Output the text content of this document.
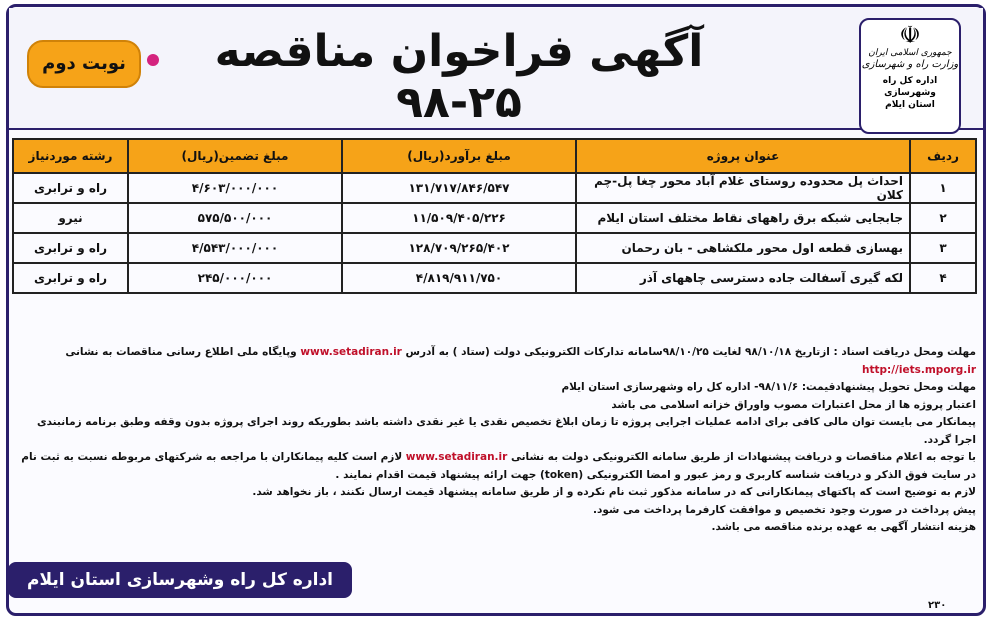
☫
جمهوری اسلامی ایران
وزارت راه و شهرسازی
اداره کل راه وشهرسازی
استان ایلام
آگهی فراخوان مناقصه ۲۵-۹۸
نوبت دوم
ردیف	عنوان پروژه	مبلغ برآورد(ریال)	مبلغ تضمین(ریال)	رشته موردنیاز
۱	احداث پل محدوده روستای غلام آباد محور چغا پل-چم کلان	۱۳۱/۷۱۷/۸۴۶/۵۴۷	۴/۶۰۳/۰۰۰/۰۰۰	راه و ترابری
۲	جابجایی شبکه برق راههای نقاط مختلف استان ایلام	۱۱/۵۰۹/۴۰۵/۲۲۶	۵۷۵/۵۰۰/۰۰۰	نیرو
۳	بهسازی قطعه اول محور ملکشاهی - بان رحمان	۱۲۸/۷۰۹/۲۶۵/۴۰۲	۴/۵۴۳/۰۰۰/۰۰۰	راه و ترابری
۴	لکه گیری آسفالت جاده دسترسی چاههای آذر	۴/۸۱۹/۹۱۱/۷۵۰	۲۴۵/۰۰۰/۰۰۰	راه و ترابری

مهلت ومحل دریافت اسناد : ازتاریخ ۹۸/۱۰/۱۸ لغایت ۹۸/۱۰/۲۵سامانه تدارکات الکترونیکی دولت (ستاد ) به آدرس www.setadiran.ir وپایگاه ملی اطلاع رسانی مناقصات به نشانی http://iets.mporg.ir

مهلت ومحل تحویل پیشنهادقیمت: ۹۸/۱۱/۶- اداره کل راه وشهرسازی استان ایلام

اعتبار پروژه ها از محل اعتبارات مصوب واوراق خزانه اسلامی می باشد

پیمانکار می بایست توان مالی کافی برای ادامه عملیات اجرایی پروژه تا زمان ابلاغ تخصیص نقدی یا غیر نقدی داشته باشد بطوریکه روند اجرای پروژه بدون وقفه وطبق برنامه زمانبندی اجرا گردد.

با توجه به اعلام مناقصات و دریافت پیشنهادات از طریق سامانه الکترونیکی دولت به نشانی www.setadiran.ir لازم است کلیه پیمانکاران با مراجعه به شرکتهای مربوطه نسبت به ثبت نام در سایت فوق الذکر و دریافت شناسه کاربری و رمز عبور و امضا الکترونیکی (token) جهت ارائه پیشنهاد قیمت اقدام نمایند .

لازم به توضیح است که پاکتهای پیمانکارانی که در سامانه مذکور ثبت نام نکرده و از طریق سامانه پیشنهاد قیمت ارسال نکنند ، باز نخواهد شد.

پیش پرداخت در صورت وجود تخصیص و موافقت کارفرما پرداخت می شود.

هزینه انتشار آگهی به عهده برنده مناقصه می باشد.

اداره کل راه وشهرسازی استان ایلام
۲۳۰
